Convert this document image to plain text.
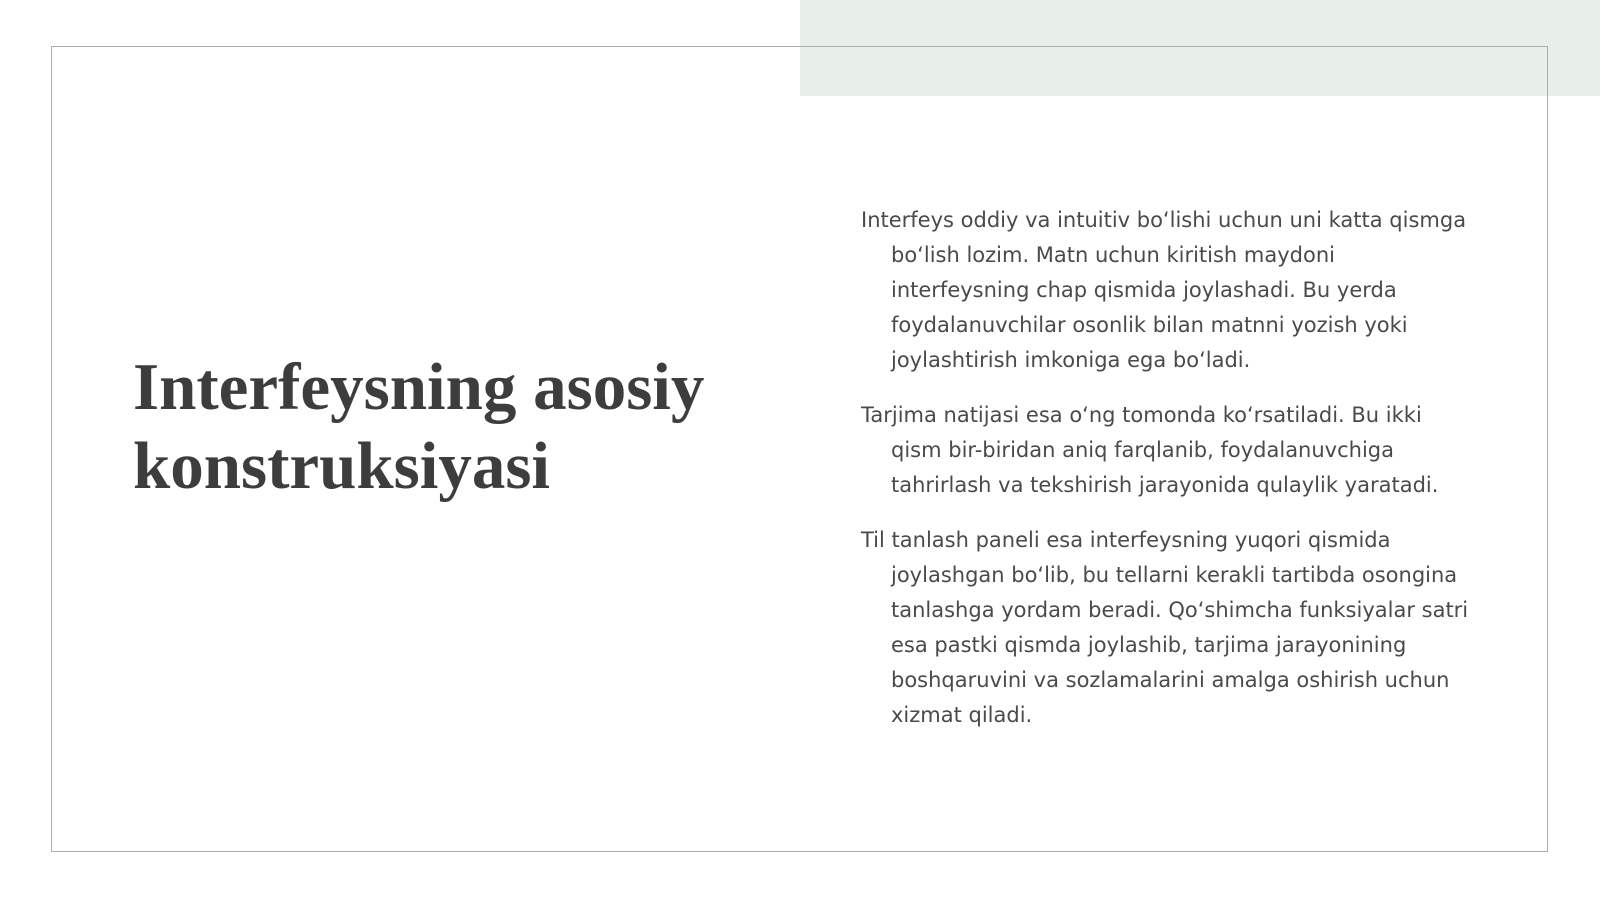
Interfeysning asosiy konstruksiyasi

Interfeys oddiy va intuitiv boʻlishi uchun uni katta qismga boʻlish lozim. Matn uchun kiritish maydoni interfeysning chap qismida joylashadi. Bu yerda foydalanuvchilar osonlik bilan matnni yozish yoki joylashtirish imkoniga ega boʻladi.

Tarjima natijasi esa oʻng tomonda koʻrsatiladi. Bu ikki qism bir-biridan aniq farqlanib, foydalanuvchiga tahrirlash va tekshirish jarayonida qulaylik yaratadi.

Til tanlash paneli esa interfeysning yuqori qismida joylashgan boʻlib, bu tellarni kerakli tartibda osongina tanlashga yordam beradi. Qoʻshimcha funksiyalar satri esa pastki qismda joylashib, tarjima jarayonining boshqaruvini va sozlamalarini amalga oshirish uchun xizmat qiladi.
